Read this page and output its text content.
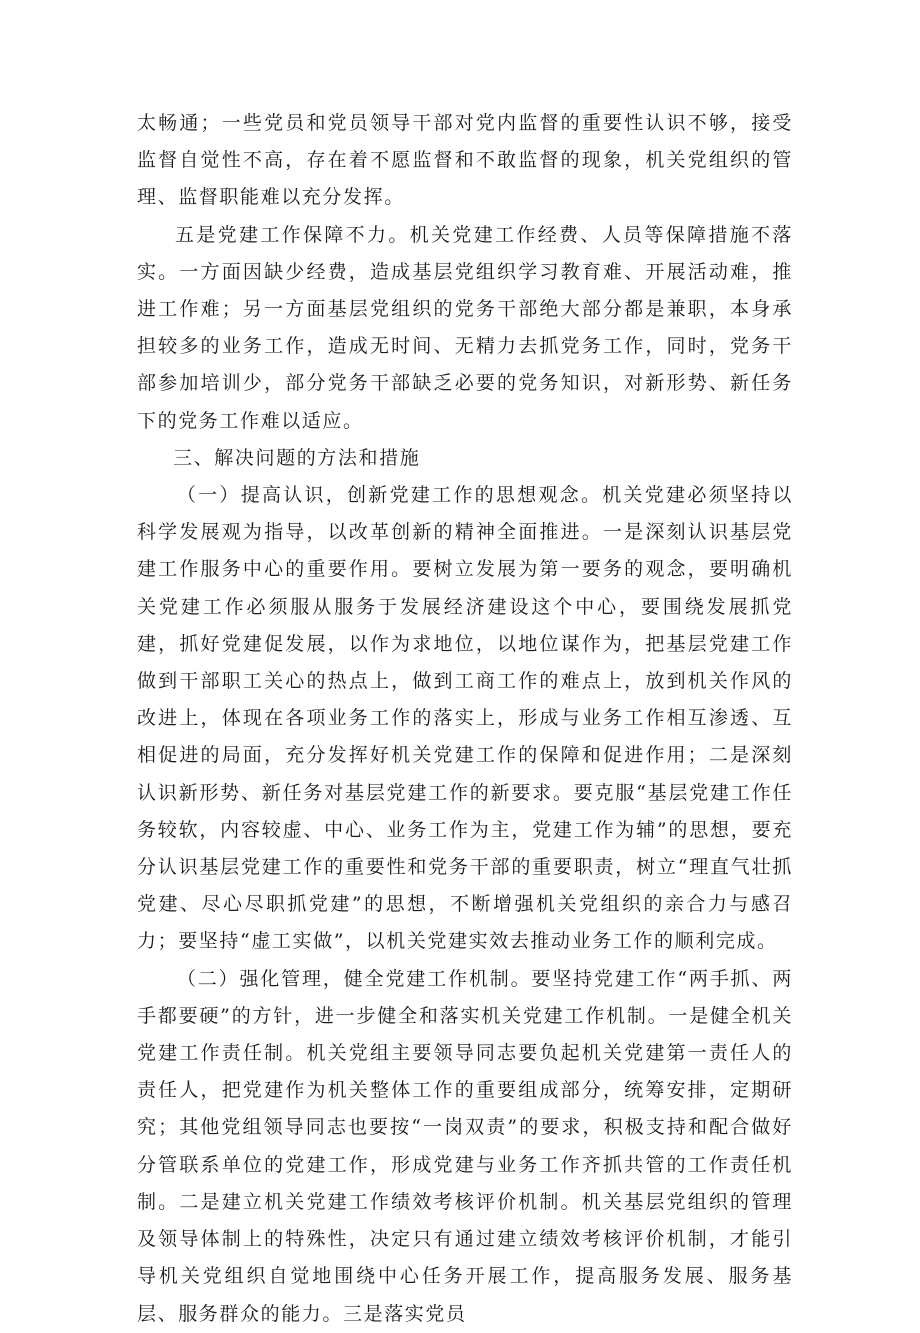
太畅通；一些党员和党员领导干部对党内监督的重要性认识不够，接受监督自觉性不高，存在着不愿监督和不敢监督的现象，机关党组织的管理、监督职能难以充分发挥。

五是党建工作保障不力。机关党建工作经费、人员等保障措施不落实。一方面因缺少经费，造成基层党组织学习教育难、开展活动难，推进工作难；另一方面基层党组织的党务干部绝大部分都是兼职，本身承担较多的业务工作，造成无时间、无精力去抓党务工作，同时，党务干部参加培训少，部分党务干部缺乏必要的党务知识，对新形势、新任务下的党务工作难以适应。

三、解决问题的方法和措施

（一）提高认识，创新党建工作的思想观念。机关党建必须坚持以科学发展观为指导，以改革创新的精神全面推进。一是深刻认识基层党建工作服务中心的重要作用。要树立发展为第一要务的观念，要明确机关党建工作必须服从服务于发展经济建设这个中心，要围绕发展抓党建，抓好党建促发展，以作为求地位，以地位谋作为，把基层党建工作做到干部职工关心的热点上，做到工商工作的难点上，放到机关作风的改进上，体现在各项业务工作的落实上，形成与业务工作相互渗透、互相促进的局面，充分发挥好机关党建工作的保障和促进作用；二是深刻认识新形势、新任务对基层党建工作的新要求。要克服“基层党建工作任务较软，内容较虚、中心、业务工作为主，党建工作为辅”的思想，要充分认识基层党建工作的重要性和党务干部的重要职责，树立“理直气壮抓党建、尽心尽职抓党建”的思想，不断增强机关党组织的亲合力与感召力；要坚持“虚工实做”，以机关党建实效去推动业务工作的顺利完成。

（二）强化管理，健全党建工作机制。要坚持党建工作“两手抓、两手都要硬”的方针，进一步健全和落实机关党建工作机制。一是健全机关党建工作责任制。机关党组主要领导同志要负起机关党建第一责任人的责任人，把党建作为机关整体工作的重要组成部分，统筹安排，定期研究；其他党组领导同志也要按“一岗双责”的要求，积极支持和配合做好分管联系单位的党建工作，形成党建与业务工作齐抓共管的工作责任机制。二是建立机关党建工作绩效考核评价机制。机关基层党组织的管理及领导体制上的特殊性，决定只有通过建立绩效考核评价机制，才能引导机关党组织自觉地围绕中心任务开展工作，提高服务发展、服务基层、服务群众的能力。三是落实党员
